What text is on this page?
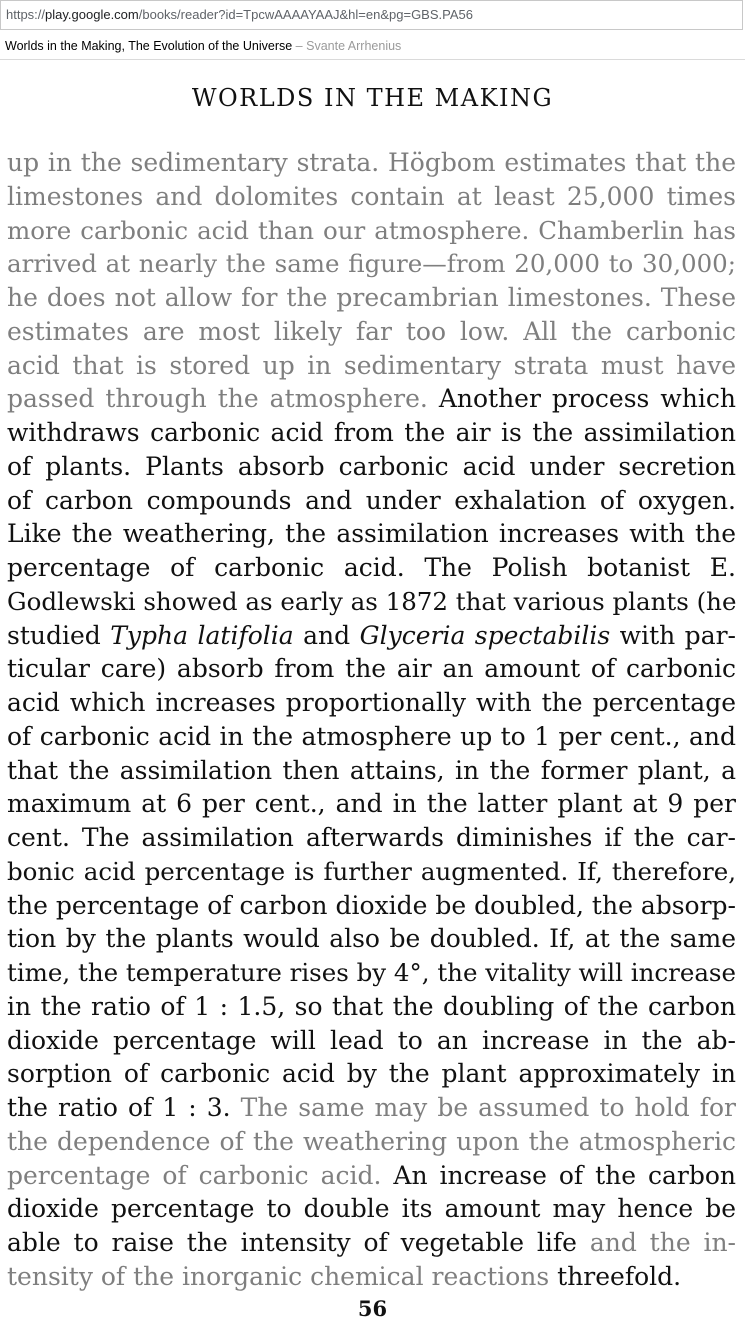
https://play.google.com/books/reader?id=TpcwAAAAYAAJ&hl=en&pg=GBS.PA56
Worlds in the Making, The Evolution of the Universe – Svante Arrhenius
WORLDS IN THE MAKING
up in the sedimentary strata. Högbom estimates that the
limestones and dolomites contain at least 25,000 times
more carbonic acid than our atmosphere. Chamberlin has
arrived at nearly the same figure—from 20,000 to 30,000;
he does not allow for the precambrian limestones. These
estimates are most likely far too low. All the carbonic
acid that is stored up in sedimentary strata must have
passed through the atmosphere. Another process which
withdraws carbonic acid from the air is the assimilation
of plants. Plants absorb carbonic acid under secretion
of carbon compounds and under exhalation of oxygen.
Like the weathering, the assimilation increases with the
percentage of carbonic acid. The Polish botanist E.
Godlewski showed as early as 1872 that various plants (he
studied Typha latifolia and Glyceria spectabilis with par-
ticular care) absorb from the air an amount of carbonic
acid which increases proportionally with the percentage
of carbonic acid in the atmosphere up to 1 per cent., and
that the assimilation then attains, in the former plant, a
maximum at 6 per cent., and in the latter plant at 9 per
cent. The assimilation afterwards diminishes if the car-
bonic acid percentage is further augmented. If, therefore,
the percentage of carbon dioxide be doubled, the absorp-
tion by the plants would also be doubled. If, at the same
time, the temperature rises by 4°, the vitality will increase
in the ratio of 1 : 1.5, so that the doubling of the carbon
dioxide percentage will lead to an increase in the ab-
sorption of carbonic acid by the plant approximately in
the ratio of 1 : 3. The same may be assumed to hold for
the dependence of the weathering upon the atmospheric
percentage of carbonic acid. An increase of the carbon
dioxide percentage to double its amount may hence be
able to raise the intensity of vegetable life and the in-
tensity of the inorganic chemical reactions threefold.
56
